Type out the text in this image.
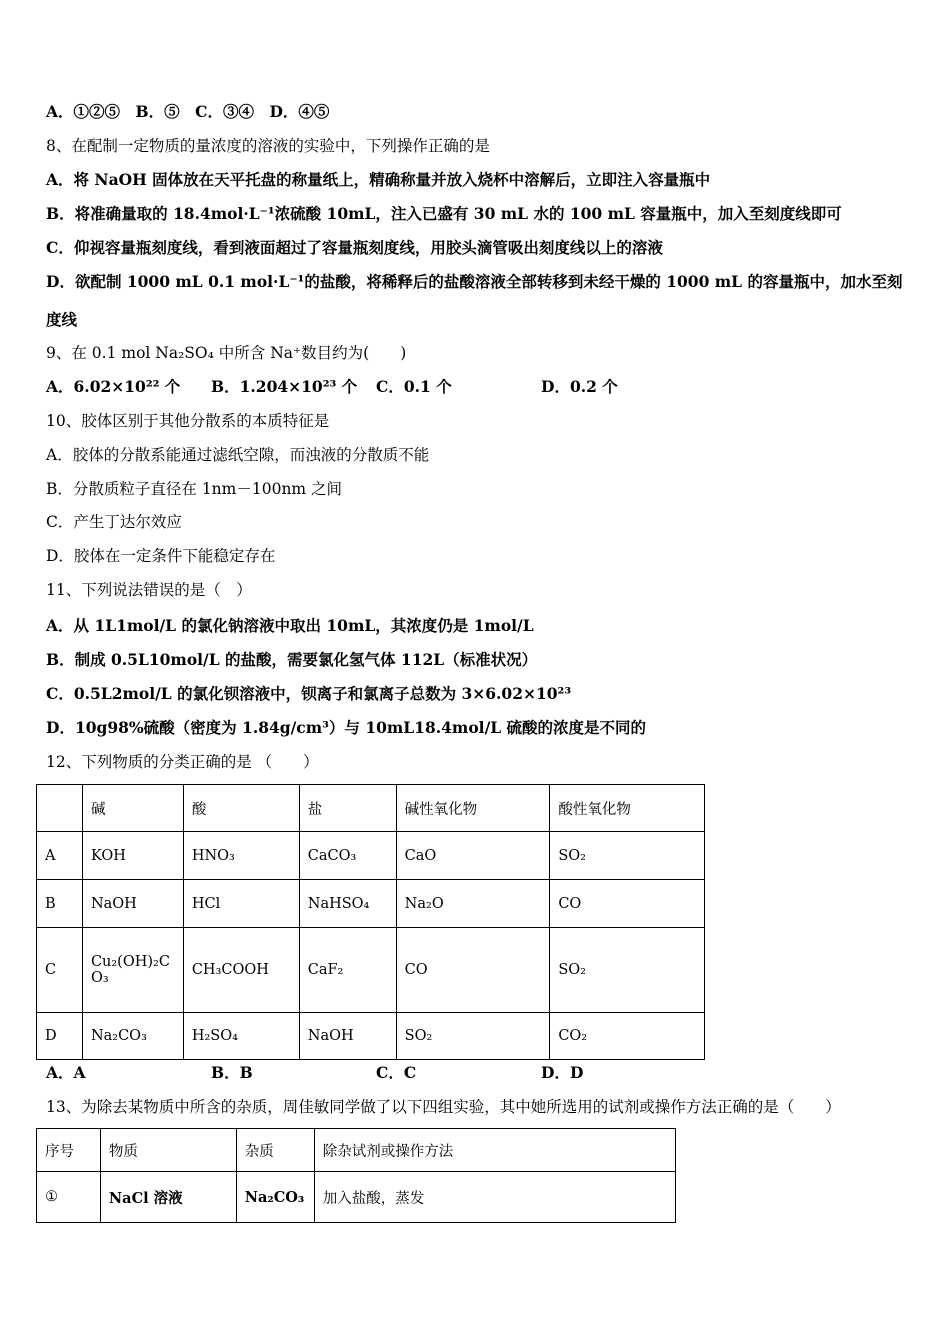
A．①②⑤　B．⑤　C．③④　D．④⑤
8、在配制一定物质的量浓度的溶液的实验中，下列操作正确的是
A．将 NaOH 固体放在天平托盘的称量纸上，精确称量并放入烧杯中溶解后，立即注入容量瓶中
B．将准确量取的 18.4mol·L⁻¹浓硫酸 10mL，注入已盛有 30 mL 水的 100 mL 容量瓶中，加入至刻度线即可
C．仰视容量瓶刻度线，看到液面超过了容量瓶刻度线，用胶头滴管吸出刻度线以上的溶液
D．欲配制 1000 mL 0.1 mol·L⁻¹的盐酸，将稀释后的盐酸溶液全部转移到未经干燥的 1000 mL 的容量瓶中，加水至刻
度线
9、在 0.1 mol Na₂SO₄ 中所含 Na⁺数目约为(　　)
A．6.02×10²² 个 B．1.204×10²³ 个 C．0.1 个	D．0.2 个
10、胶体区别于其他分散系的本质特征是
A．胶体的分散系能通过滤纸空隙，而浊液的分散质不能
B．分散质粒子直径在 1nm－100nm 之间
C．产生丁达尔效应
D．胶体在一定条件下能稳定存在
11、下列说法错误的是（　）
A．从 1L1mol/L 的氯化钠溶液中取出 10mL，其浓度仍是 1mol/L
B．制成 0.5L10mol/L 的盐酸，需要氯化氢气体 112L（标准状况）
C．0.5L2mol/L 的氯化钡溶液中，钡离子和氯离子总数为 3×6.02×10²³
D．10g98%硫酸（密度为 1.84g/cm³）与 10mL18.4mol/L 硫酸的浓度是不同的
12、下列物质的分类正确的是 （　　）
	碱	酸	盐	碱性氧化物	酸性氧化物
A	KOH	HNO₃	CaCO₃	CaO	SO₂
B	NaOH	HCl	NaHSO₄	Na₂O	CO
C	Cu₂(OH)₂CO₃	CH₃COOH	CaF₂	CO	SO₂
D	Na₂CO₃	H₂SO₄	NaOH	SO₂	CO₂
A．A	B．B	C．C	D．D
13、为除去某物质中所含的杂质，周佳敏同学做了以下四组实验，其中她所选用的试剂或操作方法正确的是（　　）
序号	物质	杂质	除杂试剂或操作方法
①	NaCl 溶液	Na₂CO₃	加入盐酸，蒸发
